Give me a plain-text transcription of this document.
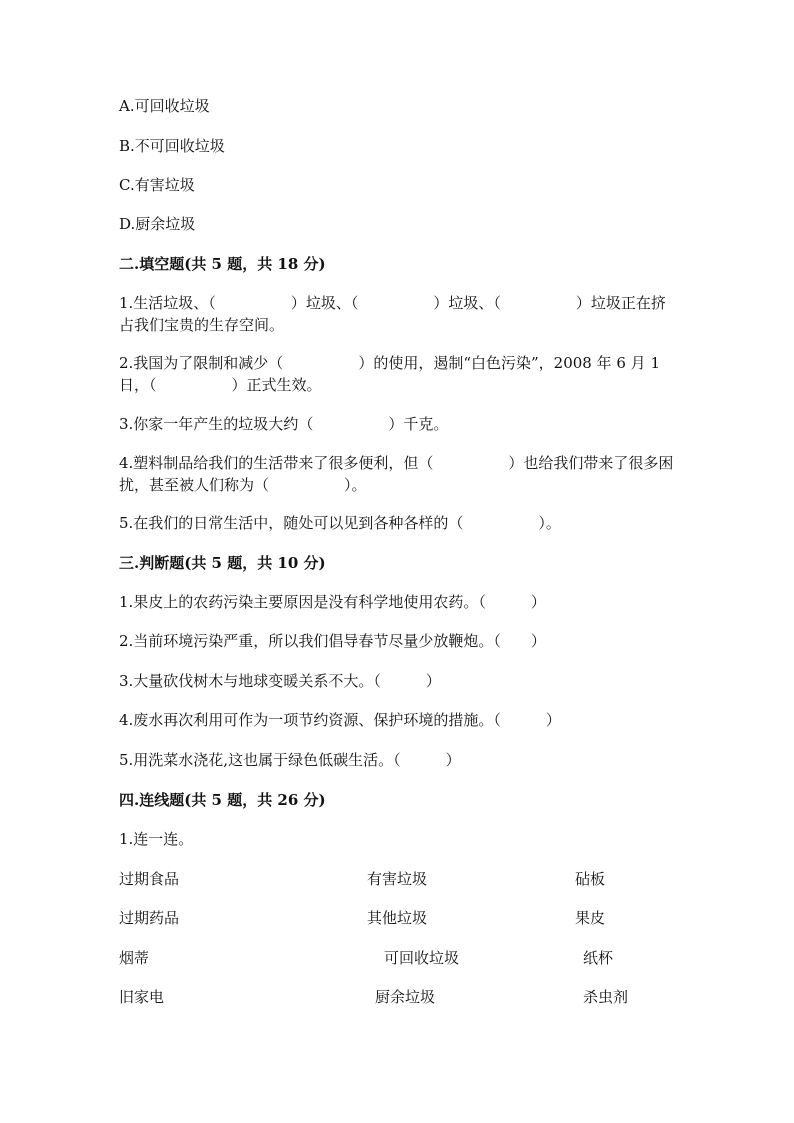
A.可回收垃圾
B.不可回收垃圾
C.有害垃圾
D.厨余垃圾
二.填空题(共 5 题，共 18 分)
1.生活垃圾、（　　　　　）垃圾、（　　　　　）垃圾、（　　　　　）垃圾正在挤占我们宝贵的生存空间。
2.我国为了限制和减少（　　　　　）的使用，遏制“白色污染”，2008 年 6 月 1 日，（　　　　　）正式生效。
3.你家一年产生的垃圾大约（　　　　　）千克。
4.塑料制品给我们的生活带来了很多便利，但（　　　　　）也给我们带来了很多困扰，甚至被人们称为（　　　　　）。
5.在我们的日常生活中，随处可以见到各种各样的（　　　　　）。
三.判断题(共 5 题，共 10 分)
1.果皮上的农药污染主要原因是没有科学地使用农药。（　　　）
2.当前环境污染严重，所以我们倡导春节尽量少放鞭炮。（　　）
3.大量砍伐树木与地球变暖关系不大。（　　　）
4.废水再次利用可作为一项节约资源、保护环境的措施。（　　　）
5.用洗菜水浇花,这也属于绿色低碳生活。（　　　）
四.连线题(共 5 题，共 26 分)
1.连一连。
过期食品	有害垃圾	砧板
过期药品	其他垃圾	果皮
烟蒂	可回收垃圾	纸杯
旧家电	厨余垃圾	杀虫剂
